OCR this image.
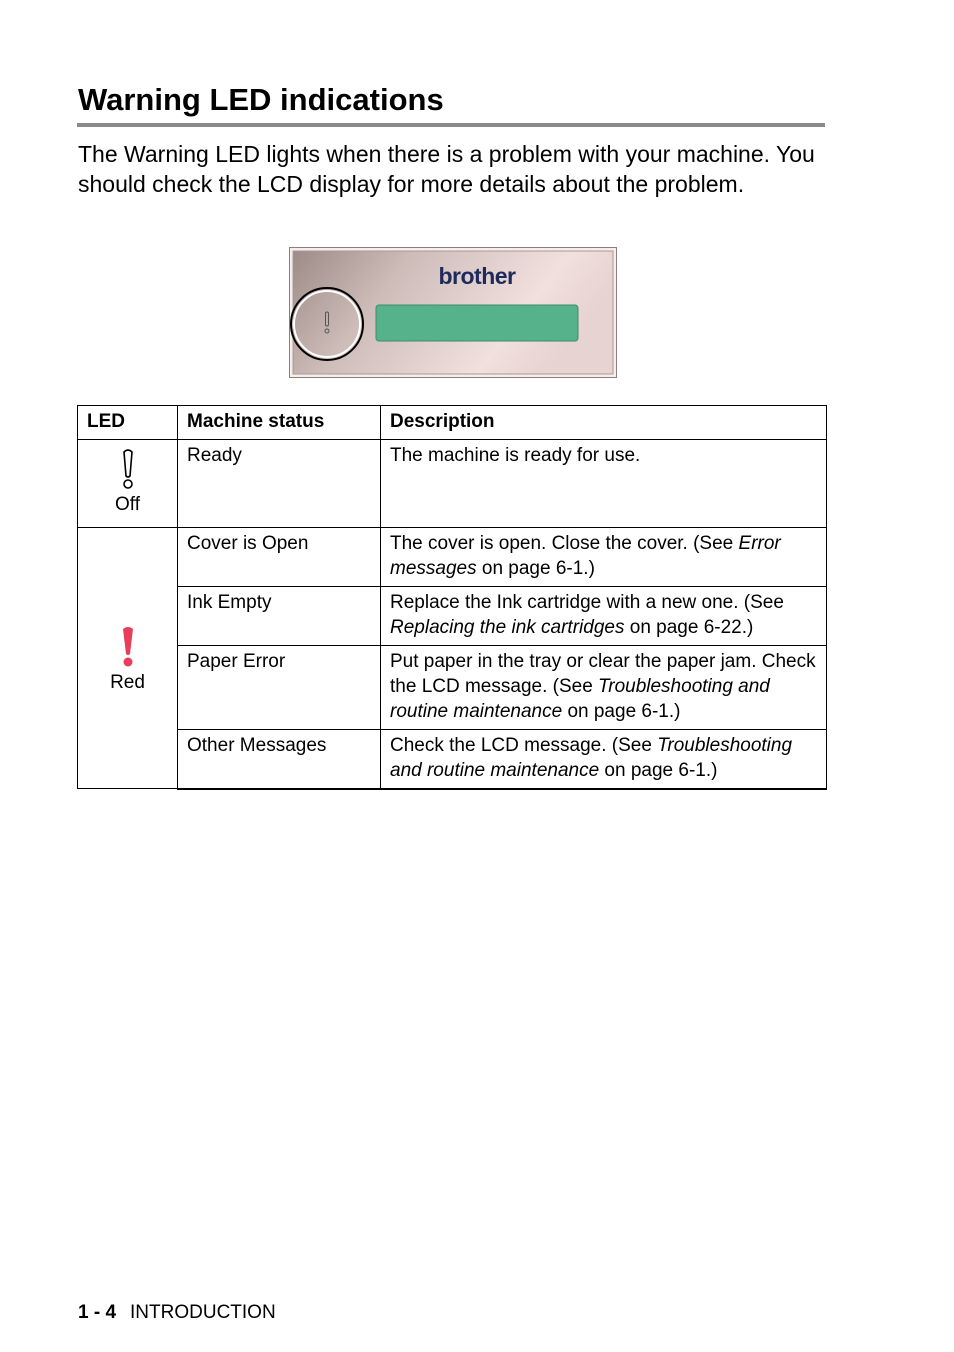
Warning LED indications

The Warning LED lights when there is a problem with your machine. You should check the LCD display for more details about the problem.

brother
LED	Machine status	Description

Off	Ready	The machine is ready for use.

Red	Cover is Open	The cover is open. Close the cover. (See Error messages on page 6-1.)
	Ink Empty	Replace the Ink cartridge with a new one. (See Replacing the ink cartridges on page 6-22.)
	Paper Error	Put paper in the tray or clear the paper jam. Check the LCD message. (See Troubleshooting and routine maintenance on page 6-1.)
	Other Messages	Check the LCD message. (See Troubleshooting and routine maintenance on page 6-1.)
1 - 4 INTRODUCTION
